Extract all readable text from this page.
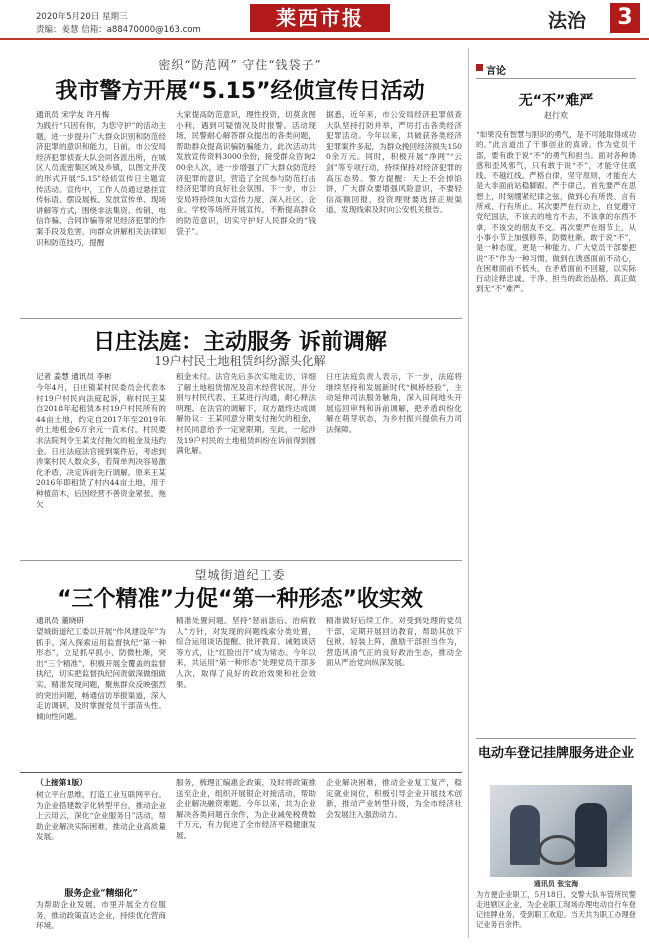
2020年5月20日 星期三
责编：姜慧 信箱：a88470000@163.com	莱西市报	法治	3
密织“防范网” 守住“钱袋子”
我市警方开展“5.15”经侦宣传日活动
通讯员 宋学友 许月梅
为践行“只因有你，为您守护”的活动主题，进一步提升广大群众识别和防范经济犯罪的意识和能力，日前，市公安局经济犯罪侦查大队会同各派出所，在城区人员流密集区域及乡镇，以图文并茂的形式开展“5.15”经侦宣传日主题宣传活动。宣传中，工作人员通过悬挂宣传标语、摆设展板、发放宣传单、现场讲解等方式，围绕非法集资、传销、电信诈骗、合同诈骗等常见经济犯罪的作案手段及危害，向群众讲解相关法律知识和防范技巧，提醒
大家提高防范意识，理性投资，切莫贪图小利，遇到可疑情况及时报警。活动现场，民警耐心解答群众提出的各类问题，帮助群众提高识骗防骗能力。此次活动共发放宣传资料3000余份，接受群众咨询200余人次，进一步增强了广大群众防范经济犯罪的意识，营造了全民参与防范打击经济犯罪的良好社会氛围。下一步，市公安局将持续加大宣传力度，深入社区、企业、学校等场所开展宣传，不断提高群众的防范意识，切实守护好人民群众的“钱袋子”。
据悉，近年来，市公安局经济犯罪侦查大队坚持打防并举，严厉打击各类经济犯罪活动。今年以来，共破获各类经济犯罪案件多起，为群众挽回经济损失1500余万元。同时，积极开展“净网”“云剑”等专项行动，持续保持对经济犯罪的高压态势。警方提醒：天上不会掉馅饼，广大群众要增强风险意识，不要轻信高额回报，投资理财要选择正规渠道，发现线索及时向公安机关报告。
日庄法庭：主动服务 诉前调解
19户村民土地租赁纠纷源头化解
记者 姜慧 通讯员 李彬
今年4月，日庄镇某村民委员会代表本村19户村民向法庭起诉，称村民王某自2018年起租赁本村19户村民所有的44亩土地，约定自2017年至2019年的土地租金6万余元一直未付。村民要求法院判令王某支付拖欠的租金及违约金。日庄法庭法官接到案件后，考虑到涉案村民人数众多，若简单判决容易激化矛盾，决定诉前先行调解。原来王某2016年即租赁了村内44亩土地，用于种植苗木，后因经营不善资金紧张，拖欠
租金未付。法官先后多次实地走访，详细了解土地租赁情况及苗木经营状况，并分别与村民代表、王某进行沟通，耐心释法明理。在法官的调解下，双方最终达成调解协议：王某同意分期支付拖欠的租金，村民同意给予一定宽限期。至此，一起涉及19户村民的土地租赁纠纷在诉前得到圆满化解。
日庄法庭负责人表示，下一步，法庭将继续坚持和发展新时代“枫桥经验”，主动延伸司法服务触角，深入田间地头开展巡回审判和诉前调解，把矛盾纠纷化解在萌芽状态，为乡村振兴提供有力司法保障。
望城街道纪工委
“三个精准”力促“第一种形态”收实效
通讯员 董晓研
望城街道纪工委以开展“作风建设年”为抓手，深入探索运用监督执纪“第一种形态”，立足抓早抓小、防微杜渐，突出“三个精准”，积极开展全覆盖的监督执纪，切实把监督执纪问责做深做细做实。精准发现问题，聚焦群众反映强烈的突出问题，畅通信访举报渠道，深入走访调研，及时掌握党员干部苗头性、倾向性问题。
精准处置问题。坚持“惩前毖后、治病救人”方针，对发现的问题线索分类处置，综合运用谈话提醒、批评教育、诫勉谈话等方式，让“红脸出汗”成为常态。今年以来，共运用“第一种形态”处理党员干部多人次，取得了良好的政治效果和社会效果。
精准做好后续工作。对受到处理的党员干部，定期开展回访教育，帮助其放下包袱、轻装上阵，激励干部担当作为，营造风清气正的良好政治生态，推动全面从严治党向纵深发展。
（上接第1版）
树立平台思维，打造工业互联网平台。为企业搭建数字化转型平台，推动企业上云用云，深化“企业服务日”活动，帮助企业解决实际困难，推动企业高质量发展。
服务企业“精细化”
为帮助企业发展，市里开展全方位服务，推动政策直达企业，持续优化营商环境。
服务，梳理汇编惠企政策，及时将政策推送至企业，组织开展银企对接活动，帮助企业解决融资难题。今年以来，共为企业解决各类问题百余件，为企业减免税费数千万元，有力促进了全市经济平稳健康发展。
企业解决困难，推动企业复工复产，稳定就业岗位，积极引导企业开展技术创新，推动产业转型升级，为全市经济社会发展注入强劲动力。
言论
无“不”难严
赵行欢
“如果没有智慧与胆识的勇气，是不可能取得成功的。”此言道出了干事创业的真谛。作为党员干部，要有敢于说“不”的勇气和担当。面对各种诱惑和歪风邪气，只有敢于说“不”，才能守住底线、不越红线。严格自律，坚守原则，才能在大是大非面前站稳脚跟。严于律己，首先要严在思想上，时刻绷紧纪律之弦，做到心有所畏、言有所戒、行有所止。其次要严在行动上，自觉遵守党纪国法，不该去的地方不去，不该拿的东西不拿，不该交的朋友不交。再次要严在细节上，从小事小节上加强修养，防微杜渐。敢于说“不”，是一种态度，更是一种能力。广大党员干部要把说“不”作为一种习惯，做到在诱惑面前不动心，在困难面前不低头，在矛盾面前不回避，以实际行动诠释忠诚、干净、担当的政治品格，真正做到无“不”难严。
电动车登记挂牌服务进企业
通讯员 张宝海
为方便企业职工，5月18日，交警大队车管所民警走进辖区企业，为企业职工现场办理电动自行车登记挂牌业务，受到职工欢迎。当天共为职工办理登记业务百余件。
